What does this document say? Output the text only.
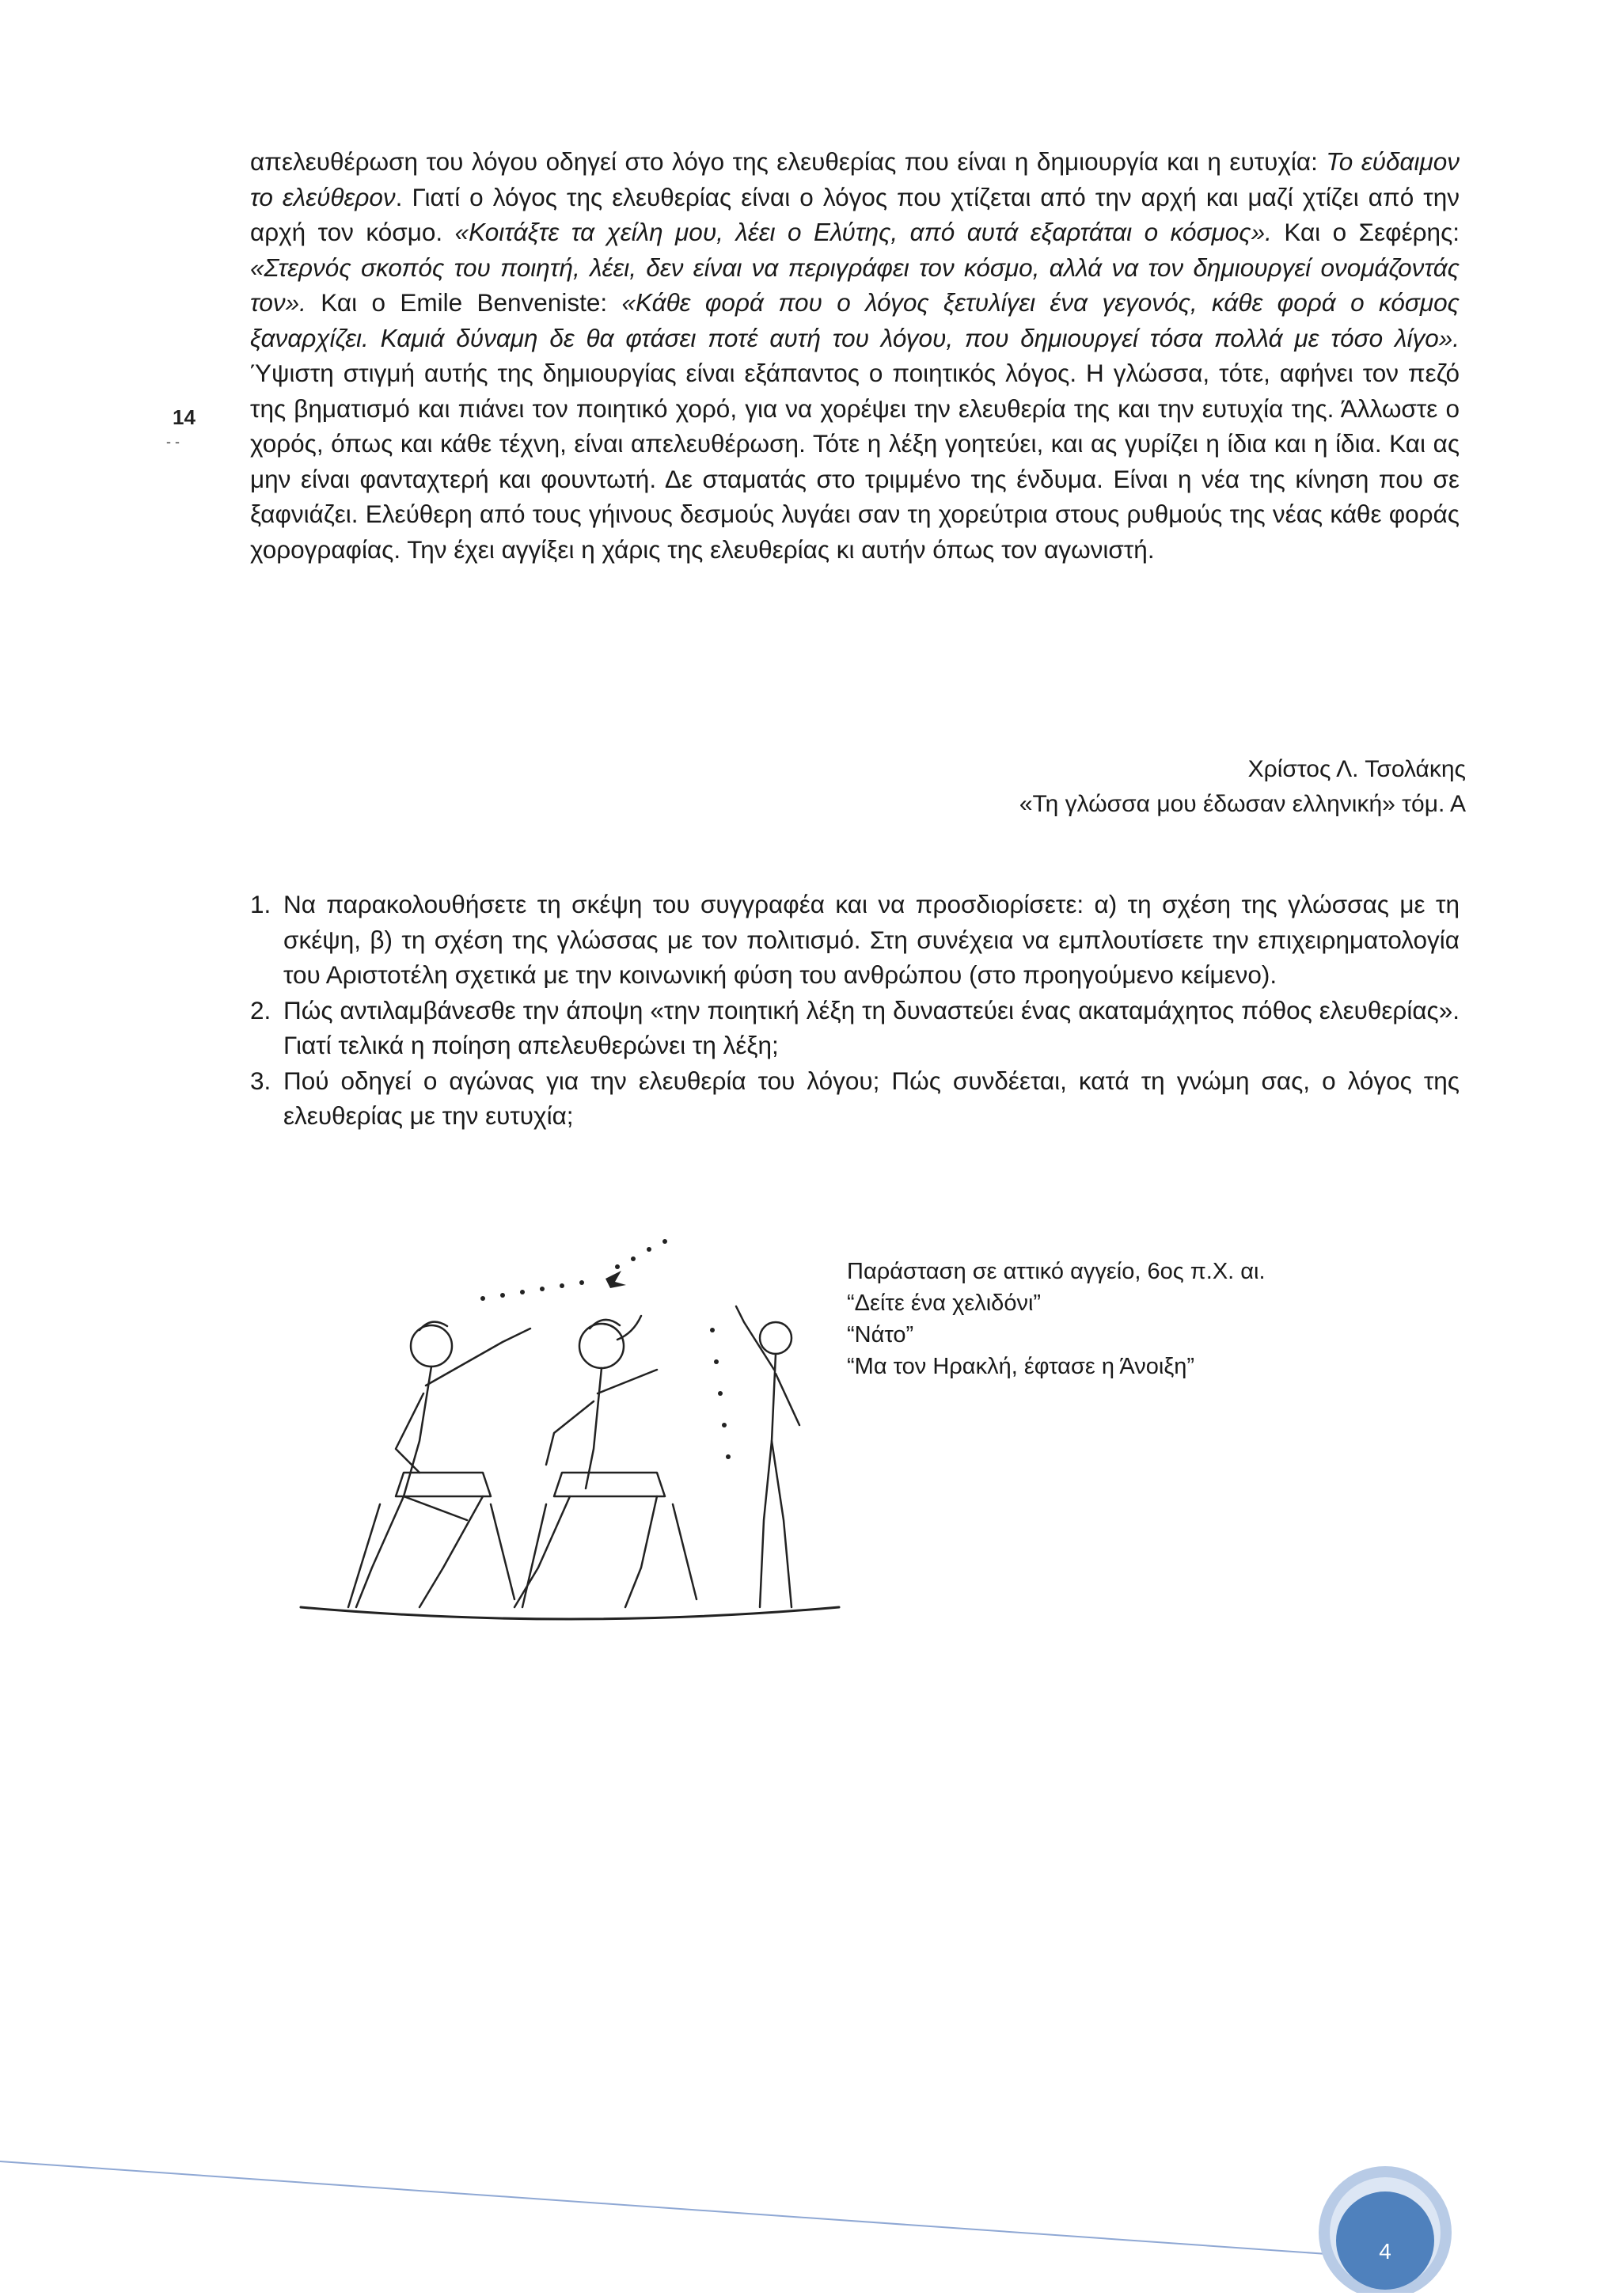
14
- -

απελευθέρωση του λόγου οδηγεί στο λόγο της ελευθερίας που είναι η δημιουργία και η ευτυχία: Το εύδαιμον το ελεύθερον. Γιατί ο λόγος της ελευθερίας είναι ο λόγος που χτίζεται από την αρχή και μαζί χτίζει από την αρχή τον κόσμο. «Κοιτάξτε τα χείλη μου, λέει ο Ελύτης, από αυτά εξαρτάται ο κόσμος». Και ο Σεφέρης: «Στερνός σκοπός του ποιητή, λέει, δεν είναι να περιγράφει τον κόσμο, αλλά να τον δημιουργεί ονομάζοντάς τον». Και ο Emile Benveniste: «Κάθε φορά που ο λόγος ξετυλίγει ένα γεγονός, κάθε φορά ο κόσμος ξαναρχίζει. Καμιά δύναμη δε θα φτάσει ποτέ αυτή του λόγου, που δημιουργεί τόσα πολλά με τόσο λίγο». Ύψιστη στιγμή αυτής της δημιουργίας είναι εξάπαντος ο ποιητικός λόγος. Η γλώσσα, τότε, αφήνει τον πεζό της βηματισμό και πιάνει τον ποιητικό χορό, για να χορέψει την ελευθερία της και την ευτυχία της. Άλλωστε ο χορός, όπως και κάθε τέχνη, είναι απελευθέρωση. Τότε η λέξη γοητεύει, και ας γυρίζει η ίδια και η ίδια. Και ας μην είναι φανταχτερή και φουντωτή. Δε σταματάς στο τριμμένο της ένδυμα. Είναι η νέα της κίνηση που σε ξαφνιάζει. Ελεύθερη από τους γήινους δεσμούς λυγάει σαν τη χορεύτρια στους ρυθμούς της νέας κάθε φοράς χορογραφίας. Την έχει αγγίξει η χάρις της ελευθερίας κι αυτήν όπως τον αγωνιστή.

Χρίστος Λ. Τσολάκης
«Τη γλώσσα μου έδωσαν ελληνική» τόμ. Α
1. Να παρακολουθήσετε τη σκέψη του συγγραφέα και να προσδιορίσετε: α) τη σχέση της γλώσσας με τη σκέψη, β) τη σχέση της γλώσσας με τον πολιτισμό. Στη συνέχεια να εμπλουτίσετε την επιχειρηματολογία του Αριστοτέλη σχετικά με την κοινωνική φύση του ανθρώπου (στο προηγούμενο κείμενο).
2. Πώς αντιλαμβάνεσθε την άποψη «την ποιητική λέξη τη δυναστεύει ένας ακαταμάχητος πόθος ελευθερίας». Γιατί τελικά η ποίηση απελευθερώνει τη λέξη;
3. Πού οδηγεί ο αγώνας για την ελευθερία του λόγου; Πώς συνδέεται, κατά τη γνώμη σας, ο λόγος της ελευθερίας με την ευτυχία;
Παράσταση σε αττικό αγγείο, 6ος π.Χ. αι.
“Δείτε ένα χελιδόνι”
“Νάτο”
“Μα τον Ηρακλή, έφτασε η Άνοιξη”
4
